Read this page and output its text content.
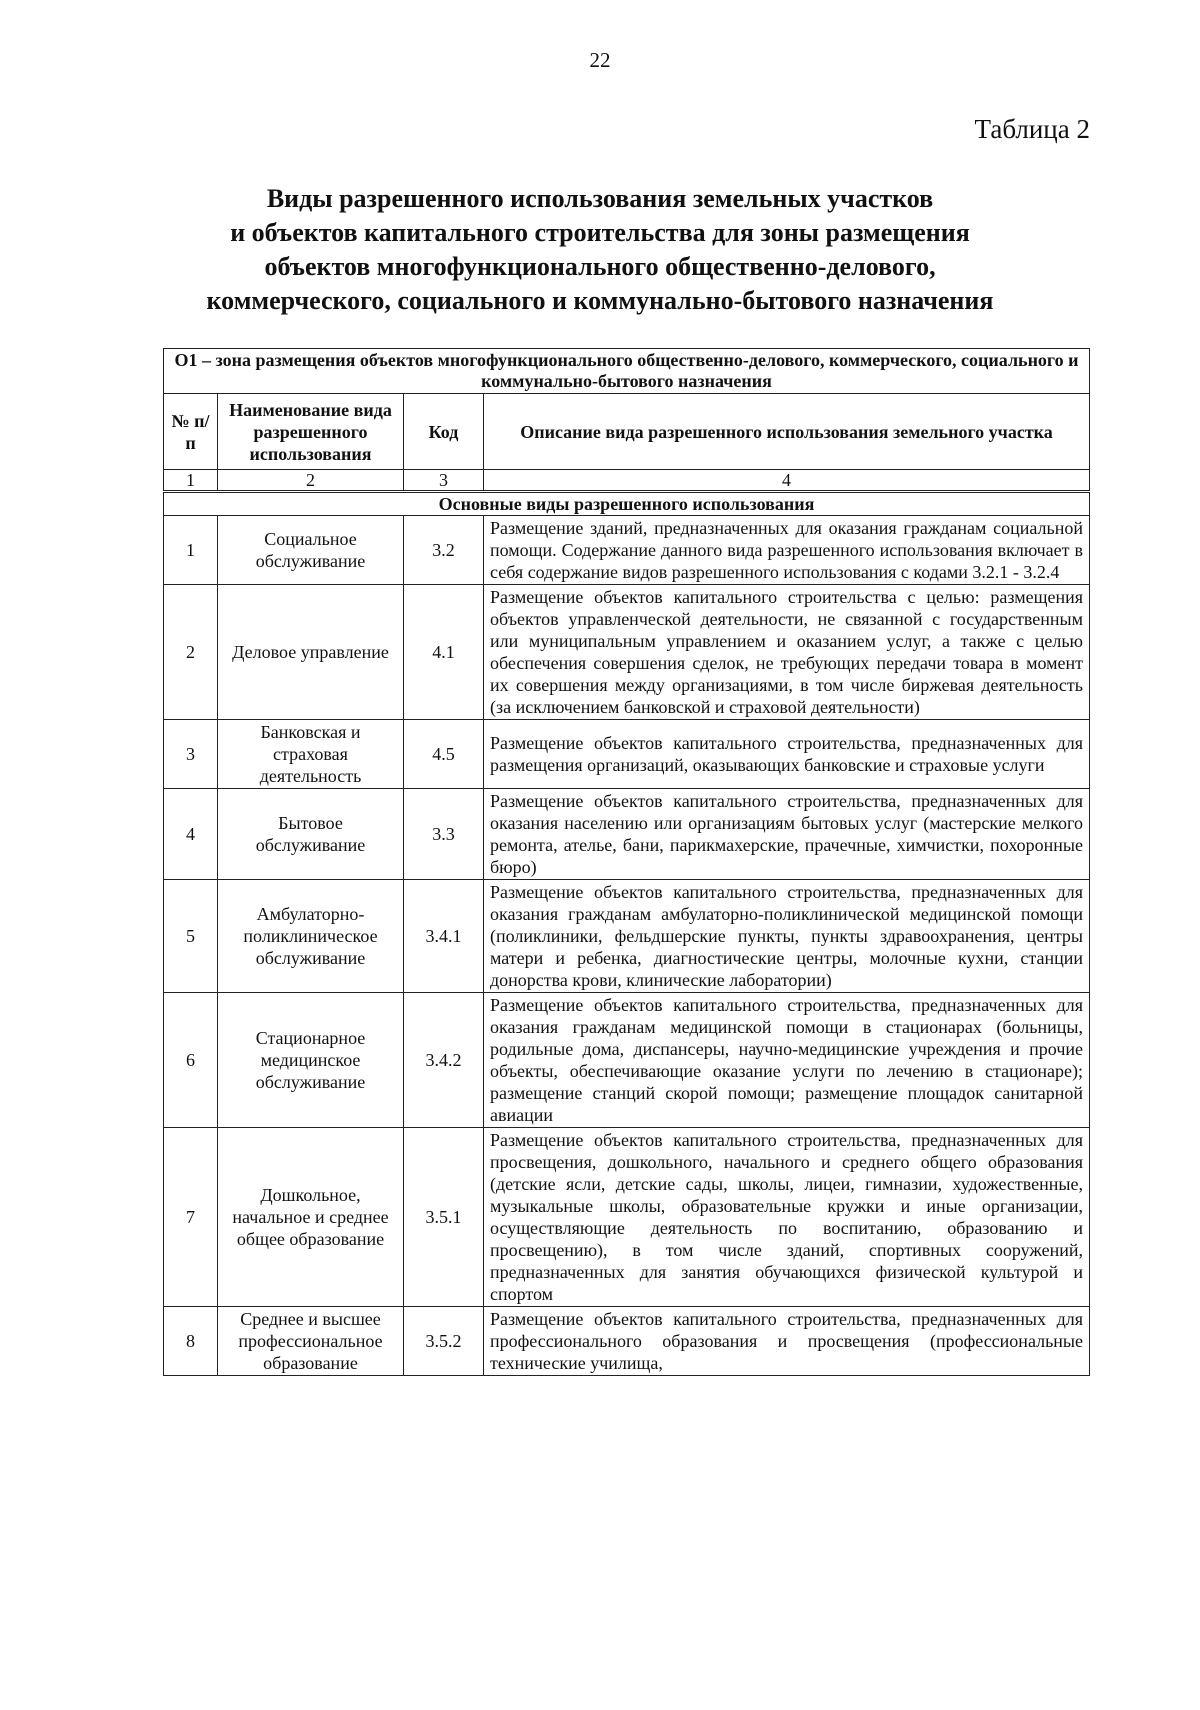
22
Таблица 2
Виды разрешенного использования земельных участков
и объектов капитального строительства для зоны размещения
объектов многофункционального общественно-делового,
коммерческого, социального и коммунально-бытового назначения
О1 – зона размещения объектов многофункционального общественно-делового, коммерческого, социального и коммунально-бытового назначения			
№ п/п	Наименование вида разрешенного использования	Код	Описание вида разрешенного использования земельного участка
1	2	3	4
Основные виды разрешенного использования			
1	Социальное обслуживание	3.2	Размещение зданий, предназначенных для оказания гражданам социальной помощи. Содержание данного вида разрешенного использования включает в себя содержание видов разрешенного использования с кодами 3.2.1 - 3.2.4
2	Деловое управление	4.1	Размещение объектов капитального строительства с целью: размещения объектов управленческой деятельности, не связанной с государственным или муниципальным управлением и оказанием услуг, а также с целью обеспечения совершения сделок, не требующих передачи товара в момент их совершения между организациями, в том числе биржевая деятельность (за исключением банковской и страховой деятельности)
3	Банковская и страховая деятельность	4.5	Размещение объектов капитального строительства, предназначенных для размещения организаций, оказывающих банковские и страховые услуги
4	Бытовое обслуживание	3.3	Размещение объектов капитального строительства, предназначенных для оказания населению или организациям бытовых услуг (мастерские мелкого ремонта, ателье, бани, парикмахерские, прачечные, химчистки, похоронные бюро)
5	Амбулаторно-поликлиническое обслуживание	3.4.1	Размещение объектов капитального строительства, предназначенных для оказания гражданам амбулаторно-поликлинической медицинской помощи (поликлиники, фельдшерские пункты, пункты здравоохранения, центры матери и ребенка, диагностические центры, молочные кухни, станции донорства крови, клинические лаборатории)
6	Стационарное медицинское обслуживание	3.4.2	Размещение объектов капитального строительства, предназначенных для оказания гражданам медицинской помощи в стационарах (больницы, родильные дома, диспансеры, научно-медицинские учреждения и прочие объекты, обеспечивающие оказание услуги по лечению в стационаре); размещение станций скорой помощи; размещение площадок санитарной авиации
7	Дошкольное, начальное и среднее общее образование	3.5.1	Размещение объектов капитального строительства, предназначенных для просвещения, дошкольного, начального и среднего общего образования (детские ясли, детские сады, школы, лицеи, гимназии, художественные, музыкальные школы, образовательные кружки и иные организации, осуществляющие деятельность по воспитанию, образованию и просвещению), в том числе зданий, спортивных сооружений, предназначенных для занятия обучающихся физической культурой и спортом
8	Среднее и высшее профессиональное образование	3.5.2	Размещение объектов капитального строительства, предназначенных для профессионального образования и просвещения (профессиональные технические училища,
